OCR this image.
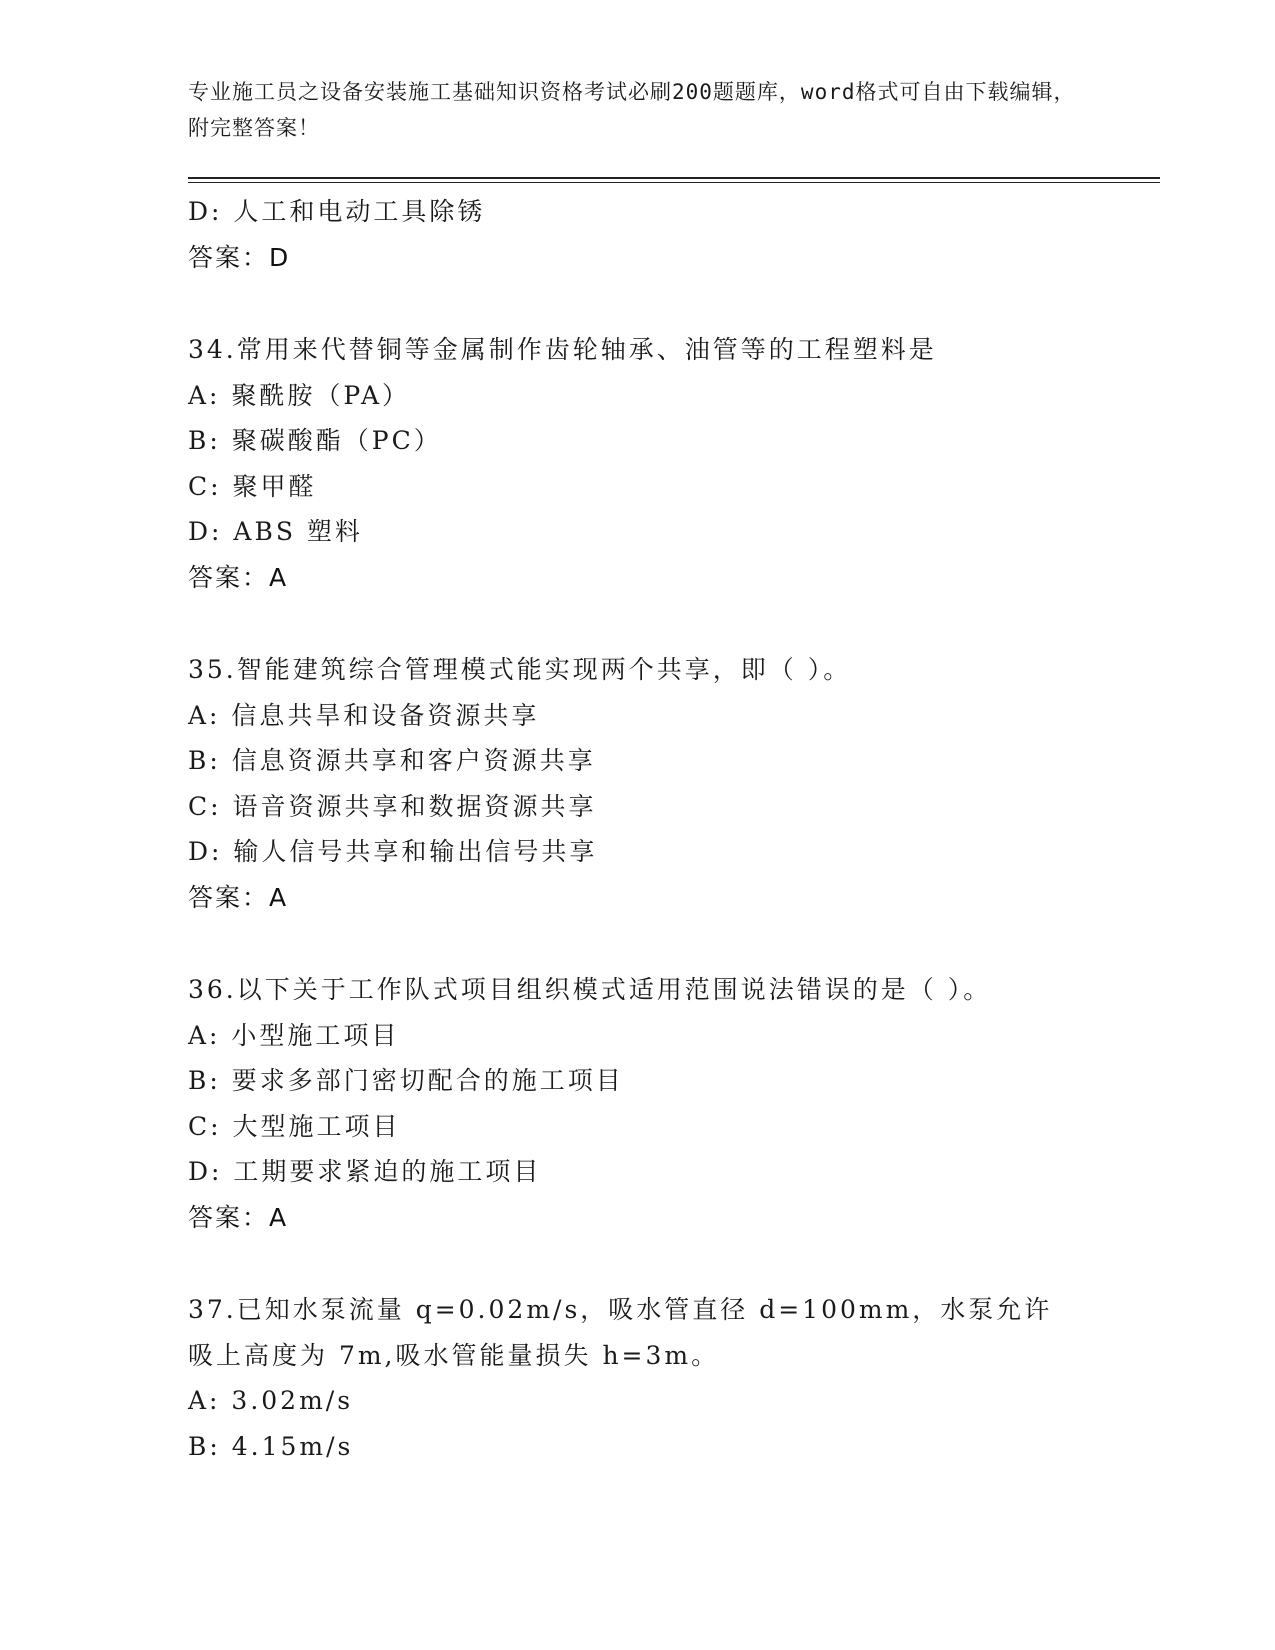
专业施工员之设备安装施工基础知识资格考试必刷200题题库，word格式可自由下载编辑，附完整答案！
D: 人工和电动工具除锈
答案：D
34.常用来代替铜等金属制作齿轮轴承、油管等的工程塑料是
A: 聚酰胺（PA）
B: 聚碳酸酯（PC）
C: 聚甲醛
D: ABS 塑料
答案：A
35.智能建筑综合管理模式能实现两个共享，即（ ）。
A: 信息共旱和设备资源共享
B: 信息资源共享和客户资源共享
C: 语音资源共享和数据资源共享
D: 输人信号共享和输出信号共享
答案：A
36.以下关于工作队式项目组织模式适用范围说法错误的是（ ）。
A: 小型施工项目
B: 要求多部门密切配合的施工项目
C: 大型施工项目
D: 工期要求紧迫的施工项目
答案：A
37.已知水泵流量 q=0.02m/s，吸水管直径 d=100mm，水泵允许吸上高度为 7m,吸水管能量损失 h=3m。
A: 3.02m/s
B: 4.15m/s
